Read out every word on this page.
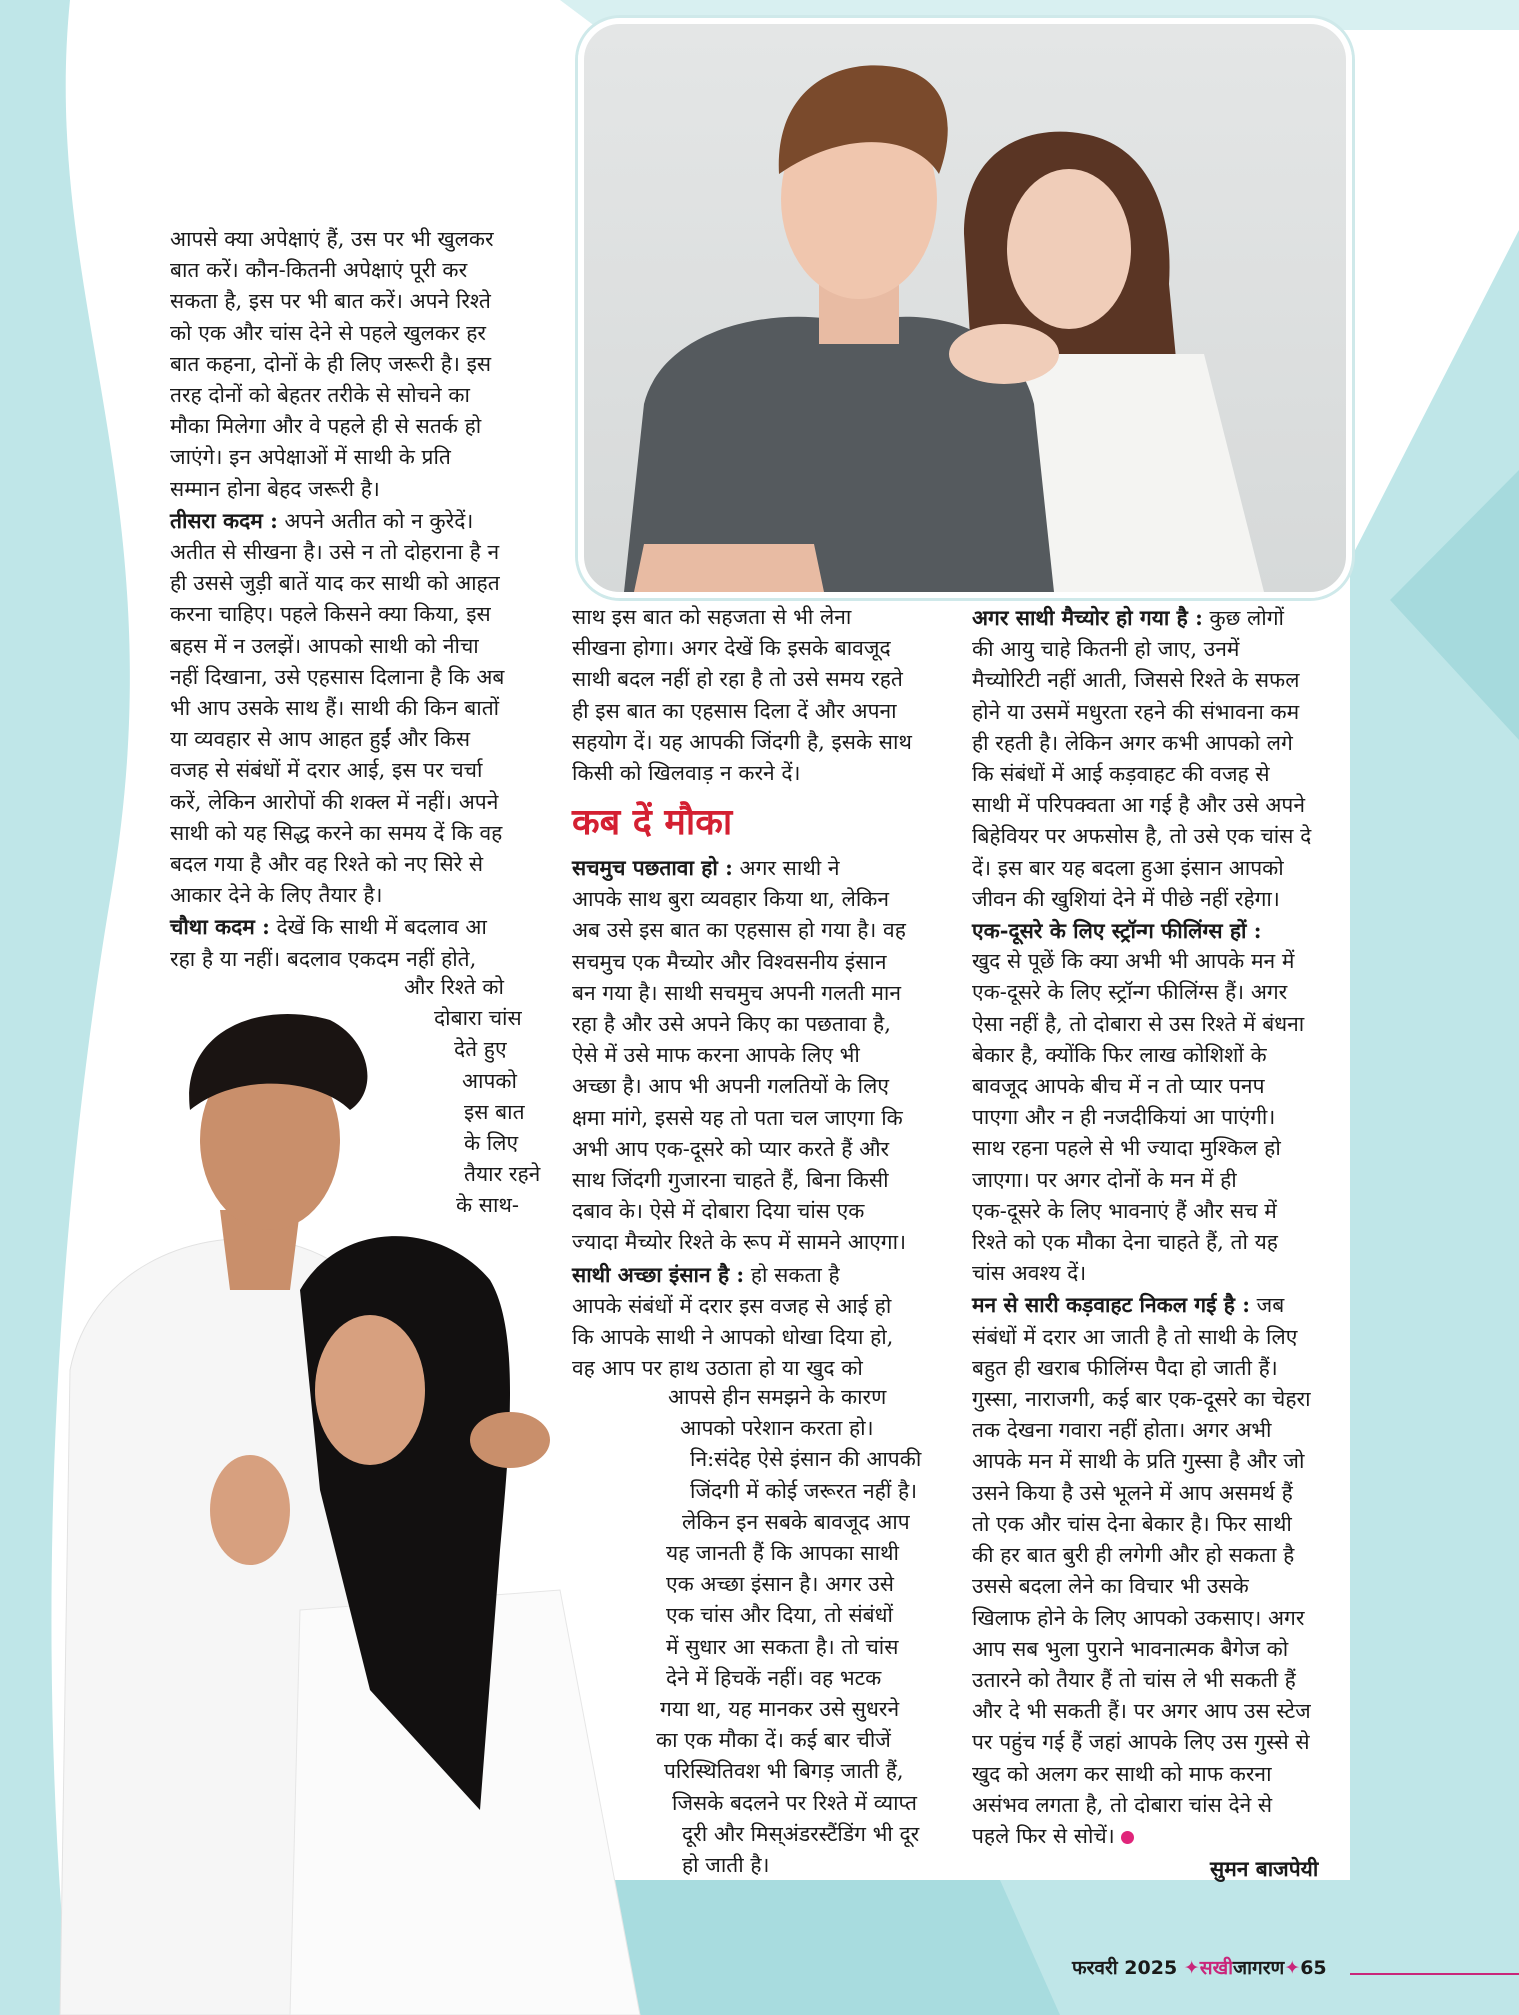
आपसे क्या अपेक्षाएं हैं, उस पर भी खुलकर
बात करें। कौन-कितनी अपेक्षाएं पूरी कर
सकता है, इस पर भी बात करें। अपने रिश्ते
को एक और चांस देने से पहले खुलकर हर
बात कहना, दोनों के ही लिए जरूरी है। इस
तरह दोनों को बेहतर तरीके से सोचने का
मौका मिलेगा और वे पहले ही से सतर्क हो
जाएंगे। इन अपेक्षाओं में साथी के प्रति
सम्मान होना बेहद जरूरी है।
तीसरा कदम : अपने अतीत को न कुरेदें।
अतीत से सीखना है। उसे न तो दोहराना है न
ही उससे जुड़ी बातें याद कर साथी को आहत
करना चाहिए। पहले किसने क्या किया, इस
बहस में न उलझें। आपको साथी को नीचा
नहीं दिखाना, उसे एहसास दिलाना है कि अब
भी आप उसके साथ हैं। साथी की किन बातों
या व्यवहार से आप आहत हुईं और किस
वजह से संबंधों में दरार आई, इस पर चर्चा
करें, लेकिन आरोपों की शक्ल में नहीं। अपने
साथी को यह सिद्ध करने का समय दें कि वह
बदल गया है और वह रिश्ते को नए सिरे से
आकार देने के लिए तैयार है।
चौथा कदम : देखें कि साथी में बदलाव आ
रहा है या नहीं। बदलाव एकदम नहीं होते,
और रिश्ते को
दोबारा चांस
देते हुए
आपको
इस बात
के लिए
तैयार रहने
के साथ-
साथ इस बात को सहजता से भी लेना
सीखना होगा। अगर देखें कि इसके बावजूद
साथी बदल नहीं हो रहा है तो उसे समय रहते
ही इस बात का एहसास दिला दें और अपना
सहयोग दें। यह आपकी जिंदगी है, इसके साथ
किसी को खिलवाड़ न करने दें।
कब दें मौका
सचमुच पछतावा हो : अगर साथी ने
आपके साथ बुरा व्यवहार किया था, लेकिन
अब उसे इस बात का एहसास हो गया है। वह
सचमुच एक मैच्योर और विश्वसनीय इंसान
बन गया है। साथी सचमुच अपनी गलती मान
रहा है और उसे अपने किए का पछतावा है,
ऐसे में उसे माफ करना आपके लिए भी
अच्छा है। आप भी अपनी गलतियों के लिए
क्षमा मांगे, इससे यह तो पता चल जाएगा कि
अभी आप एक-दूसरे को प्यार करते हैं और
साथ जिंदगी गुजारना चाहते हैं, बिना किसी
दबाव के। ऐसे में दोबारा दिया चांस एक
ज्यादा मैच्योर रिश्ते के रूप में सामने आएगा।
साथी अच्छा इंसान है : हो सकता है
आपके संबंधों में दरार इस वजह से आई हो
कि आपके साथी ने आपको धोखा दिया हो,
वह आप पर हाथ उठाता हो या खुद को
आपसे हीन समझने के कारण
आपको परेशान करता हो।
नि:संदेह ऐसे इंसान की आपकी
जिंदगी में कोई जरूरत नहीं है।
लेकिन इन सबके बावजूद आप
यह जानती हैं कि आपका साथी
एक अच्छा इंसान है। अगर उसे
एक चांस और दिया, तो संबंधों
में सुधार आ सकता है। तो चांस
देने में हिचकें नहीं। वह भटक
गया था, यह मानकर उसे सुधरने
का एक मौका दें। कई बार चीजें
परिस्थितिवश भी बिगड़ जाती हैं,
जिसके बदलने पर रिश्ते में व्याप्त
दूरी और मिस्अंडरस्टैंडिंग भी दूर
हो जाती है।
अगर साथी मैच्योर हो गया है : कुछ लोगों
की आयु चाहे कितनी हो जाए, उनमें
मैच्योरिटी नहीं आती, जिससे रिश्ते के सफल
होने या उसमें मधुरता रहने की संभावना कम
ही रहती है। लेकिन अगर कभी आपको लगे
कि संबंधों में आई कड़वाहट की वजह से
साथी में परिपक्वता आ गई है और उसे अपने
बिहेवियर पर अफसोस है, तो उसे एक चांस दे
दें। इस बार यह बदला हुआ इंसान आपको
जीवन की खुशियां देने में पीछे नहीं रहेगा।
एक-दूसरे के लिए स्ट्रॉन्ग फीलिंग्स हों :
खुद से पूछें कि क्या अभी भी आपके मन में
एक-दूसरे के लिए स्ट्रॉन्ग फीलिंग्स हैं। अगर
ऐसा नहीं है, तो दोबारा से उस रिश्ते में बंधना
बेकार है, क्योंकि फिर लाख कोशिशों के
बावजूद आपके बीच में न तो प्यार पनप
पाएगा और न ही नजदीकियां आ पाएंगी।
साथ रहना पहले से भी ज्यादा मुश्किल हो
जाएगा। पर अगर दोनों के मन में ही
एक-दूसरे के लिए भावनाएं हैं और सच में
रिश्ते को एक मौका देना चाहते हैं, तो यह
चांस अवश्य दें।
मन से सारी कड़वाहट निकल गई है : जब
संबंधों में दरार आ जाती है तो साथी के लिए
बहुत ही खराब फीलिंग्स पैदा हो जाती हैं।
गुस्सा, नाराजगी, कई बार एक-दूसरे का चेहरा
तक देखना गवारा नहीं होता। अगर अभी
आपके मन में साथी के प्रति गुस्सा है और जो
उसने किया है उसे भूलने में आप असमर्थ हैं
तो एक और चांस देना बेकार है। फिर साथी
की हर बात बुरी ही लगेगी और हो सकता है
उससे बदला लेने का विचार भी उसके
खिलाफ होने के लिए आपको उकसाए। अगर
आप सब भुला पुराने भावनात्मक बैगेज को
उतारने को तैयार हैं तो चांस ले भी सकती हैं
और दे भी सकती हैं। पर अगर आप उस स्टेज
पर पहुंच गई हैं जहां आपके लिए उस गुस्से से
खुद को अलग कर साथी को माफ करना
असंभव लगता है, तो दोबारा चांस देने से
पहले फिर से सोचें।
सुमन बाजपेयी
फरवरी 2025 ✦सखीजागरण✦65
